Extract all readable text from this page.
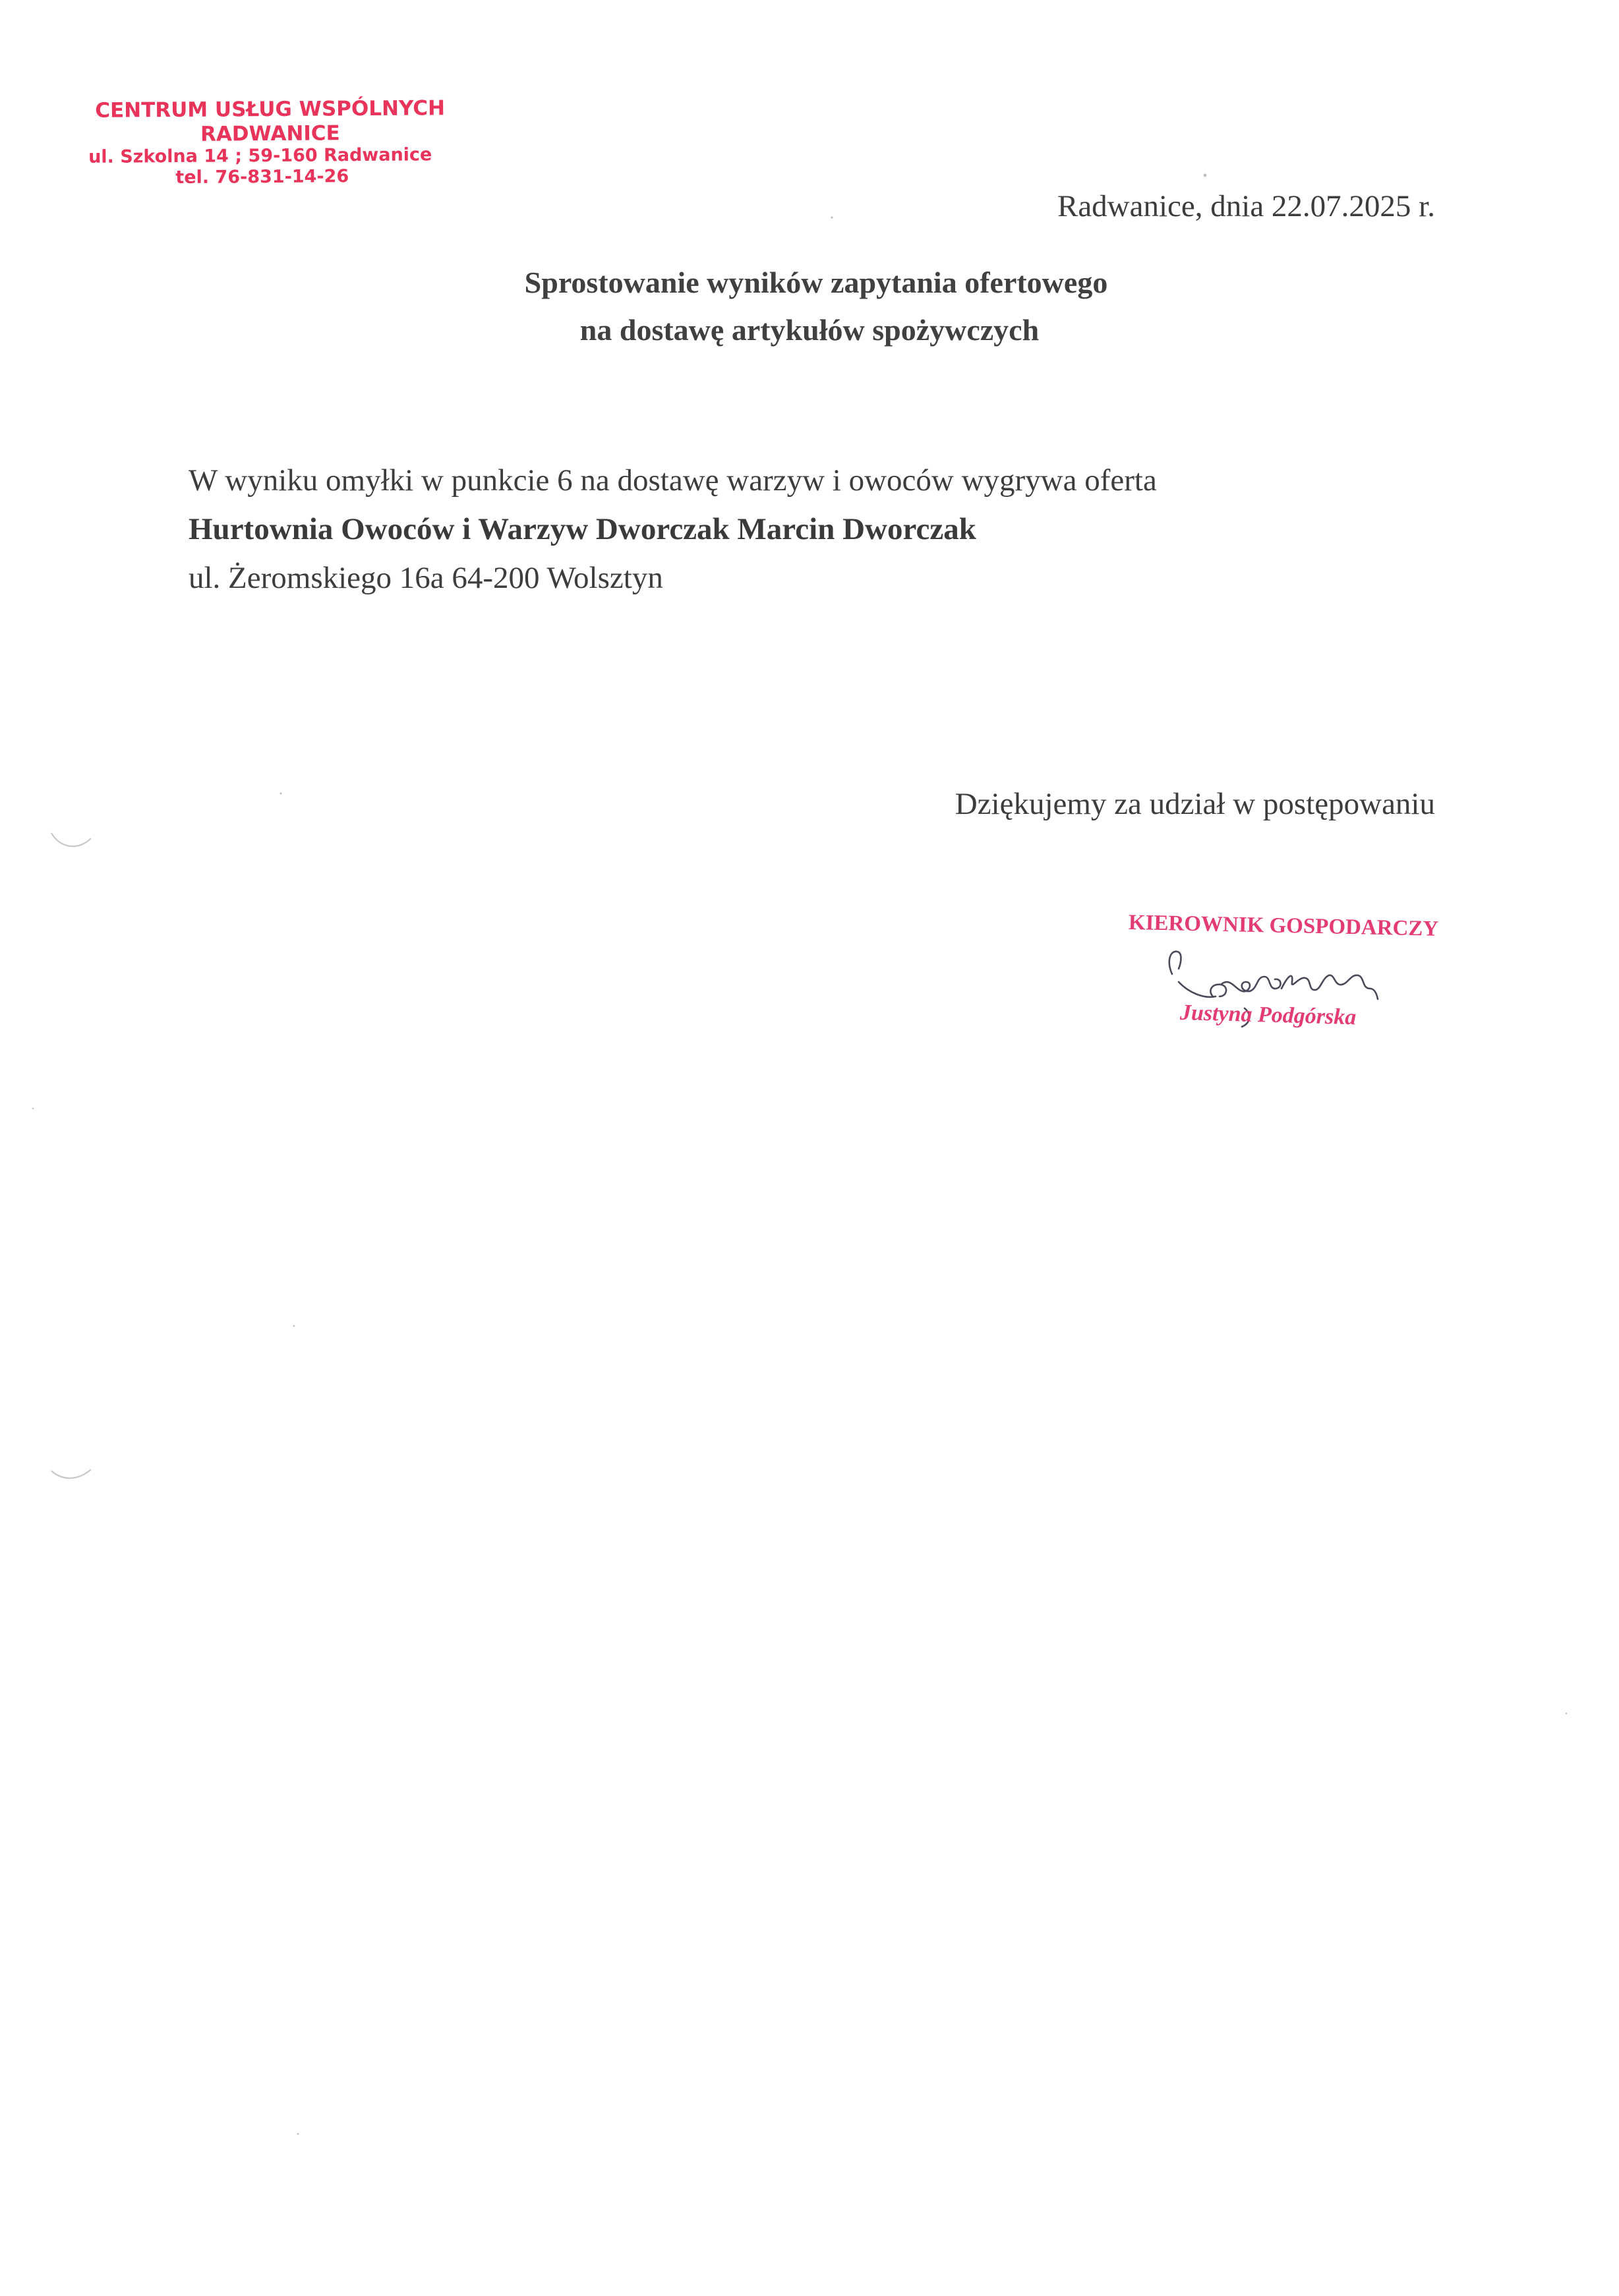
CENTRUM USŁUG WSPÓLNYCH
RADWANICE
ul. Szkolna 14 ; 59-160 Radwanice
tel. 76-831-14-26
Radwanice, dnia 22.07.2025 r.
Sprostowanie wyników zapytania ofertowego
na dostawę artykułów spożywczych

W wyniku omyłki w punkcie 6 na dostawę warzyw i owoców wygrywa oferta

Hurtownia Owoców i Warzyw Dworczak Marcin Dworczak

ul. Żeromskiego 16a 64-200 Wolsztyn

Dziękujemy za udział w postępowaniu
KIEROWNIK GOSPODARCZY
Justyna Podgórska
